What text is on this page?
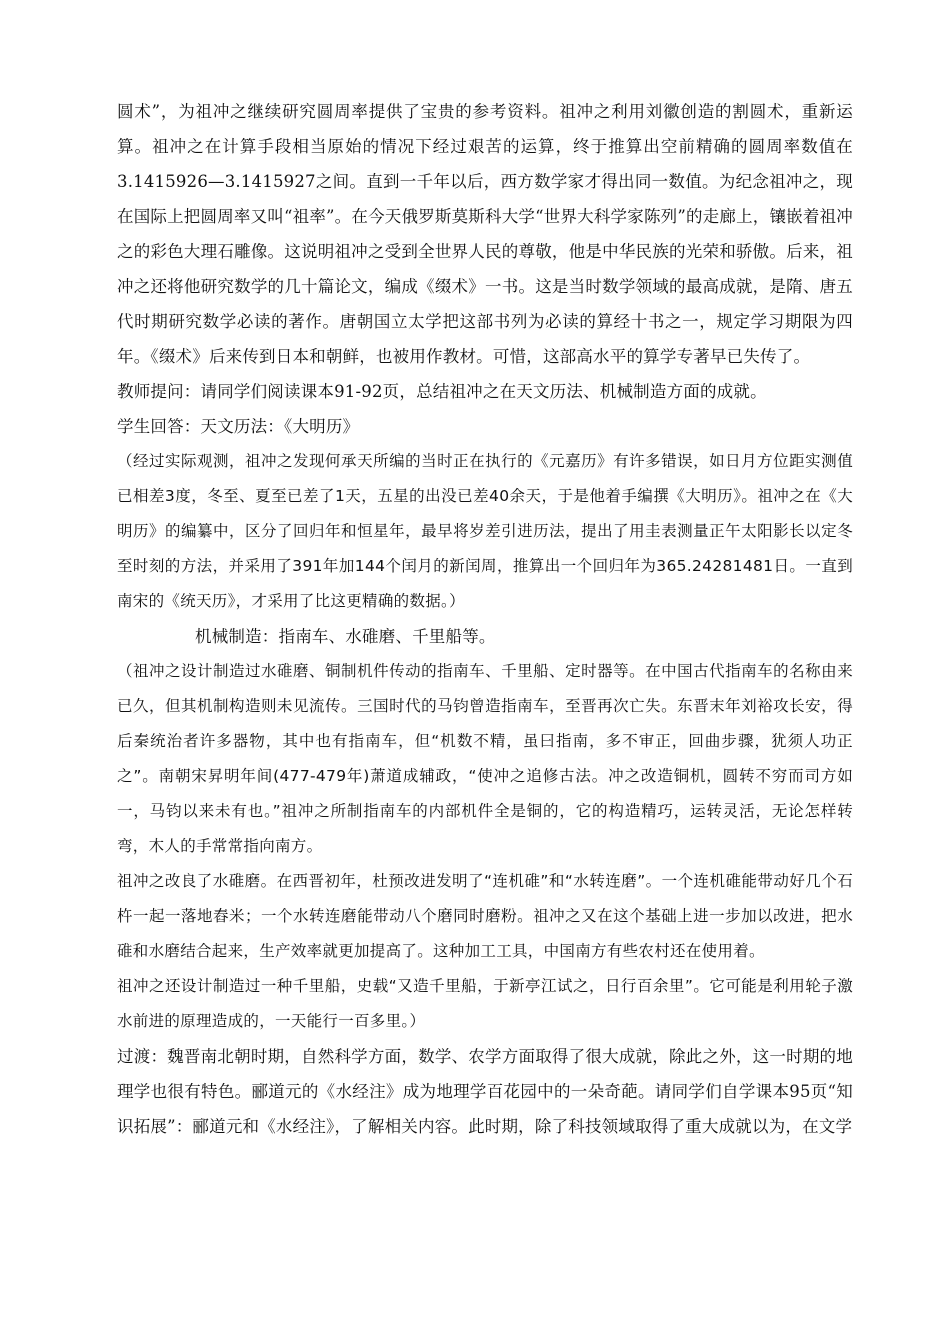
圆术”，为祖冲之继续研究圆周率提供了宝贵的参考资料。祖冲之利用刘徽创造的割圆术，重新运算。祖冲之在计算手段相当原始的情况下经过艰苦的运算，终于推算出空前精确的圆周率数值在3.1415926—3.1415927之间。直到一千年以后，西方数学家才得出同一数值。为纪念祖冲之，现在国际上把圆周率又叫“祖率”。在今天俄罗斯莫斯科大学“世界大科学家陈列”的走廊上，镶嵌着祖冲之的彩色大理石雕像。这说明祖冲之受到全世界人民的尊敬，他是中华民族的光荣和骄傲。后来，祖冲之还将他研究数学的几十篇论文，编成《缀术》一书。这是当时数学领域的最高成就，是隋、唐五代时期研究数学必读的著作。唐朝国立太学把这部书列为必读的算经十书之一，规定学习期限为四年。《缀术》后来传到日本和朝鲜，也被用作教材。可惜，这部高水平的算学专著早已失传了。

教师提问：请同学们阅读课本91-92页，总结祖冲之在天文历法、机械制造方面的成就。

学生回答：天文历法：《大明历》

（经过实际观测，祖冲之发现何承天所编的当时正在执行的《元嘉历》有许多错误，如日月方位距实测值已相差3度，冬至、夏至已差了1天，五星的出没已差40余天，于是他着手编撰《大明历》。祖冲之在《大明历》的编纂中，区分了回归年和恒星年，最早将岁差引进历法，提出了用圭表测量正午太阳影长以定冬至时刻的方法，并采用了391年加144个闰月的新闰周，推算出一个回归年为365.24281481日。一直到南宋的《统天历》，才采用了比这更精确的数据。）

机械制造：指南车、水碓磨、千里船等。

（祖冲之设计制造过水碓磨、铜制机件传动的指南车、千里船、定时器等。在中国古代指南车的名称由来已久，但其机制构造则未见流传。三国时代的马钧曾造指南车，至晋再次亡失。东晋末年刘裕攻长安，得后秦统治者许多器物，其中也有指南车，但“机数不精，虽曰指南，多不审正，回曲步骤，犹须人功正之”。南朝宋昇明年间(477-479年)萧道成辅政，“使冲之追修古法。冲之改造铜机，圆转不穷而司方如一，马钧以来未有也。”祖冲之所制指南车的内部机件全是铜的，它的构造精巧，运转灵活，无论怎样转弯，木人的手常常指向南方。

祖冲之改良了水碓磨。在西晋初年，杜预改进发明了“连机碓”和“水转连磨”。一个连机碓能带动好几个石杵一起一落地舂米；一个水转连磨能带动八个磨同时磨粉。祖冲之又在这个基础上进一步加以改进，把水碓和水磨结合起来，生产效率就更加提高了。这种加工工具，中国南方有些农村还在使用着。

祖冲之还设计制造过一种千里船，史载“又造千里船，于新亭江试之，日行百余里”。它可能是利用轮子激水前进的原理造成的，一天能行一百多里。）

过渡：魏晋南北朝时期，自然科学方面，数学、农学方面取得了很大成就，除此之外，这一时期的地理学也很有特色。郦道元的《水经注》成为地理学百花园中的一朵奇葩。请同学们自学课本95页“知识拓展”：郦道元和《水经注》，了解相关内容。此时期，除了科技领域取得了重大成就以为，在文学
